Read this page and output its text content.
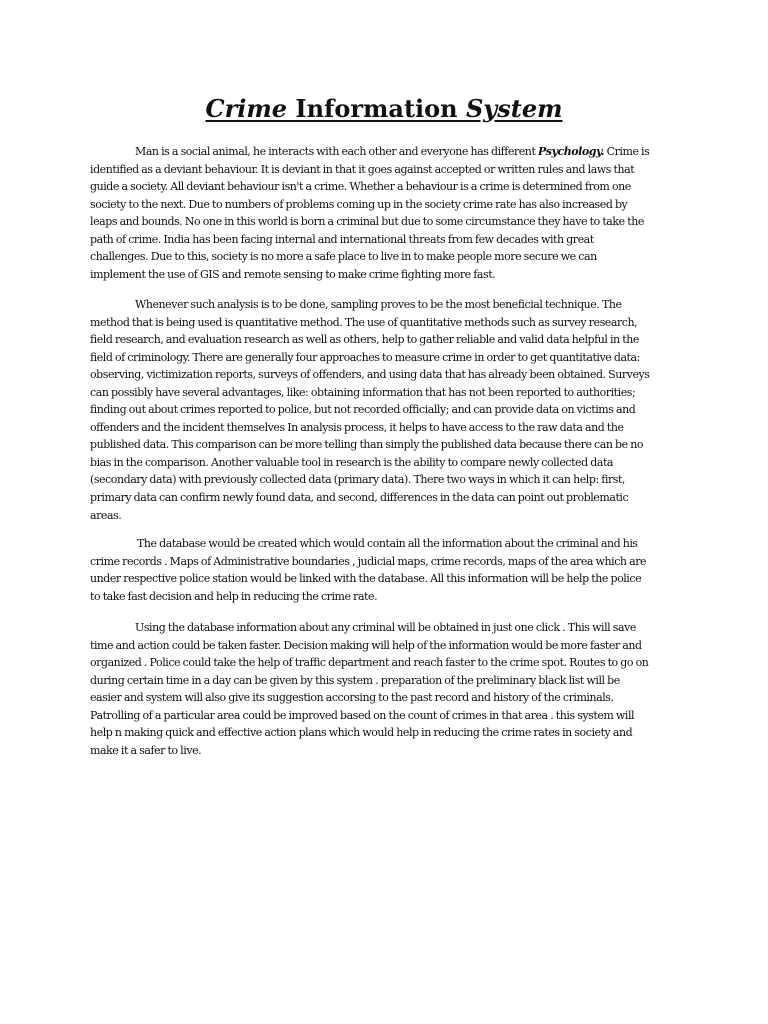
Crime Information System

Man is a social animal, he interacts with each other and everyone has different Psychology. Crime is
identified as a deviant behaviour. It is deviant in that it goes against accepted or written rules and laws that
guide a society. All deviant behaviour isn't a crime. Whether a behaviour is a crime is determined from one
society to the next. Due to numbers of problems coming up in the society crime rate has also increased by
leaps and bounds. No one in this world is born a criminal but due to some circumstance they have to take the
path of crime. India has been facing internal and international threats from few decades with great
challenges. Due to this, society is no more a safe place to live in to make people more secure we can
implement the use of GIS and remote sensing to make crime fighting more fast.

Whenever such analysis is to be done, sampling proves to be the most beneficial technique. The
method that is being used is quantitative method. The use of quantitative methods such as survey research,
field research, and evaluation research as well as others, help to gather reliable and valid data helpful in the
field of criminology. There are generally four approaches to measure crime in order to get quantitative data:
observing, victimization reports, surveys of offenders, and using data that has already been obtained. Surveys
can possibly have several advantages, like: obtaining information that has not been reported to authorities;
finding out about crimes reported to police, but not recorded officially; and can provide data on victims and
offenders and the incident themselves In analysis process, it helps to have access to the raw data and the
published data. This comparison can be more telling than simply the published data because there can be no
bias in the comparison. Another valuable tool in research is the ability to compare newly collected data
(secondary data) with previously collected data (primary data). There two ways in which it can help: first,
primary data can confirm newly found data, and second, differences in the data can point out problematic
areas.

The database would be created which would contain all the information about the criminal and his
crime records . Maps of Administrative boundaries , judicial maps, crime records, maps of the area which are
under respective police station would be linked with the database. All this information will be help the police
to take fast decision and help in reducing the crime rate.

Using the database information about any criminal will be obtained in just one click . This will save
time and action could be taken faster. Decision making will help of the information would be more faster and
organized . Police could take the help of traffic department and reach faster to the crime spot. Routes to go on
during certain time in a day can be given by this system . preparation of the preliminary black list will be
easier and system will also give its suggestion accorsing to the past record and history of the criminals.
Patrolling of a particular area could be improved based on the count of crimes in that area . this system will
help n making quick and effective action plans which would help in reducing the crime rates in society and
make it a safer to live.
